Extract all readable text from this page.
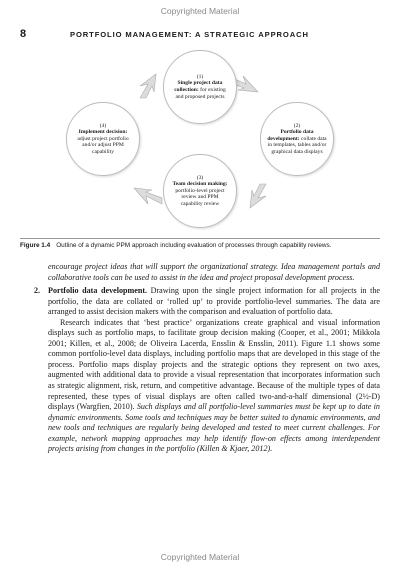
Copyrighted Material
8	PORTFOLIO MANAGEMENT: A STRATEGIC APPROACH
(1)
Single project data collection: for existing and proposed projects
(2)
Portfolio data development: collate data in templates, tables and/or graphical data displays
(3)
Team decision making: portfolio-level project review and PPM capability review
(4)
Implement decision: adjust project portfolio and/or adjust PPM capability
Figure 1.4 Outline of a dynamic PPM approach including evaluation of processes through capability reviews.

encourage project ideas that will support the organizational strategy. Idea management portals and collaborative tools can be used to assist in the idea and project proposal development process.

2. Portfolio data development. Drawing upon the single project information for all projects in the portfolio, the data are collated or ‘rolled up’ to provide portfolio-level summaries. The data are arranged to assist decision makers with the comparison and evaluation of portfolio data.

Research indicates that ‘best practice’ organizations create graphical and visual information displays such as portfolio maps, to facilitate group decision making (Cooper, et al., 2001; Mikkola 2001; Killen, et al., 2008; de Oliveira Lacerda, Ensslin & Ensslin, 2011). Figure 1.1 shows some common portfolio-level data displays, including portfolio maps that are developed in this stage of the process. Portfolio maps display projects and the strategic options they represent on two axes, augmented with additional data to provide a visual representation that incorporates information such as strategic alignment, risk, return, and competitive advantage. Because of the multiple types of data represented, these types of visual displays are often called two-and-a-half dimensional (2½-D) displays (Wargfien, 2010). Such displays and all portfolio-level summaries must be kept up to date in dynamic environments. Some tools and techniques may be better suited to dynamic environments, and new tools and techniques are regularly being developed and tested to meet current challenges. For example, network mapping approaches may help identify flow-on effects among interdependent projects arising from changes in the portfolio (Killen & Kjaer, 2012).

Copyrighted Material
